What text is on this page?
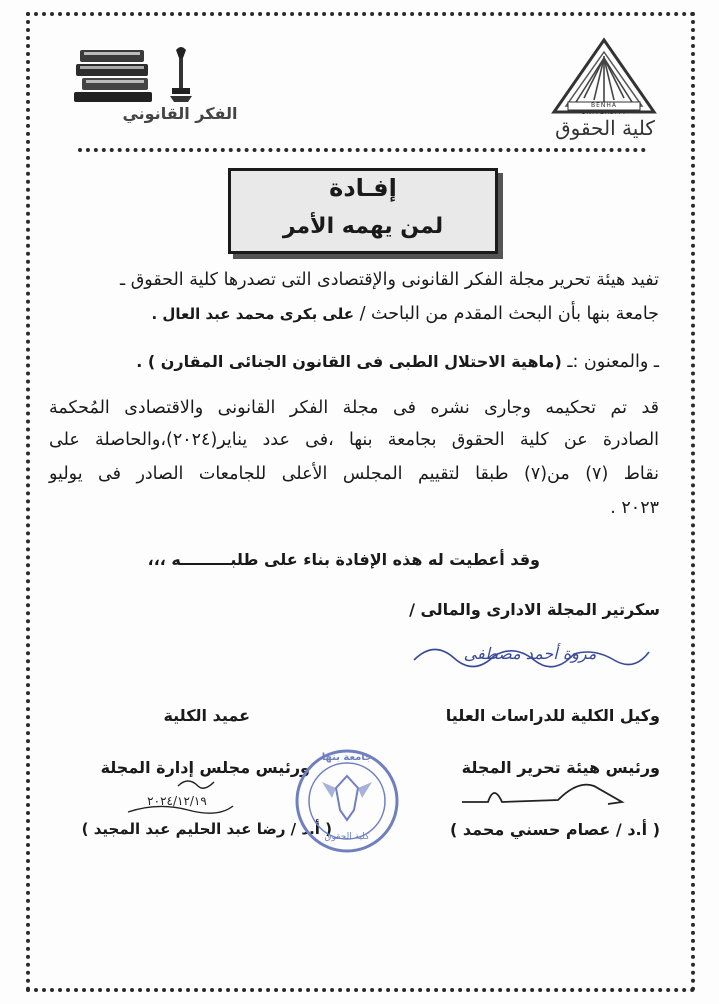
BENHA UNIVERSITY
كلية الحقوق
الفكر القانوني
إفـادة
لمن يهمه الأمر
تفيد هيئة تحرير مجلة الفكر القانونى والإقتصادى التى تصدرها كلية الحقوق ـ
جامعة بنها بأن البحث المقدم من الباحث / على بكرى محمد عبد العال .
ـ والمعنون :ـ (ماهية الاحتلال الطبى فى القانون الجنائى المقارن ) .
قد تم تحكيمه وجارى نشره فى مجلة الفكر القانونى والاقتصادى المُحكمة
الصادرة عن كلية الحقوق بجامعة بنها ،فى عدد يناير(٢٠٢٤)،والحاصلة على
نقاط (٧) من(٧) طبقا لتقييم المجلس الأعلى للجامعات الصادر فى يوليو
٢٠٢٣ .
وقد أعطيت له هذه الإفادة بناء على طلبـــــــــه ،،،
سكرتير المجلة الادارى والمالى /
مروة أحمد مصطفى
وكيل الكلية للدراسات العليا
ورئيس هيئة تحرير المجلة
( أ.د / عصام حسني محمد )
عميد الكلية
ورئيس مجلس إدارة المجلة
٢٠٢٤/١٢/١٩
( أ.د / رضا عبد الحليم عبد المجيد )
جامعة بنها
كلية الحقوق
